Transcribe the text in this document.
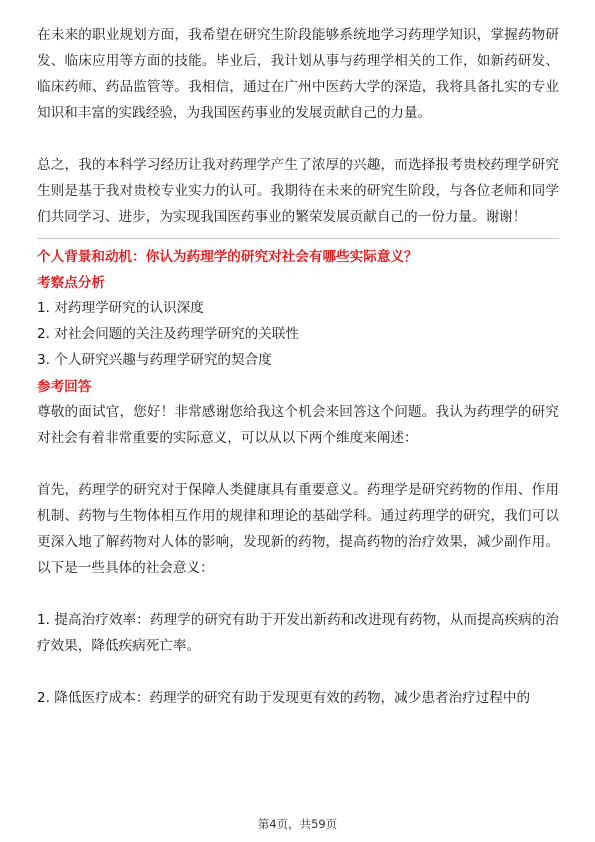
在未来的职业规划方面，我希望在研究生阶段能够系统地学习药理学知识，掌握药物研发、临床应用等方面的技能。毕业后，我计划从事与药理学相关的工作，如新药研发、临床药师、药品监管等。我相信，通过在广州中医药大学的深造，我将具备扎实的专业知识和丰富的实践经验，为我国医药事业的发展贡献自己的力量。

总之，我的本科学习经历让我对药理学产生了浓厚的兴趣，而选择报考贵校药理学研究生则是基于我对贵校专业实力的认可。我期待在未来的研究生阶段，与各位老师和同学们共同学习、进步，为实现我国医药事业的繁荣发展贡献自己的一份力量。谢谢！

个人背景和动机：你认为药理学的研究对社会有哪些实际意义？

考察点分析

1. 对药理学研究的认识深度

2. 对社会问题的关注及药理学研究的关联性

3. 个人研究兴趣与药理学研究的契合度

参考回答

尊敬的面试官，您好！非常感谢您给我这个机会来回答这个问题。我认为药理学的研究对社会有着非常重要的实际意义，可以从以下两个维度来阐述：

首先，药理学的研究对于保障人类健康具有重要意义。药理学是研究药物的作用、作用机制、药物与生物体相互作用的规律和理论的基础学科。通过药理学的研究，我们可以更深入地了解药物对人体的影响，发现新的药物，提高药物的治疗效果，减少副作用。以下是一些具体的社会意义：

1. 提高治疗效率：药理学的研究有助于开发出新药和改进现有药物，从而提高疾病的治疗效果，降低疾病死亡率。

2. 降低医疗成本：药理学的研究有助于发现更有效的药物，减少患者治疗过程中的

第4页，共59页
